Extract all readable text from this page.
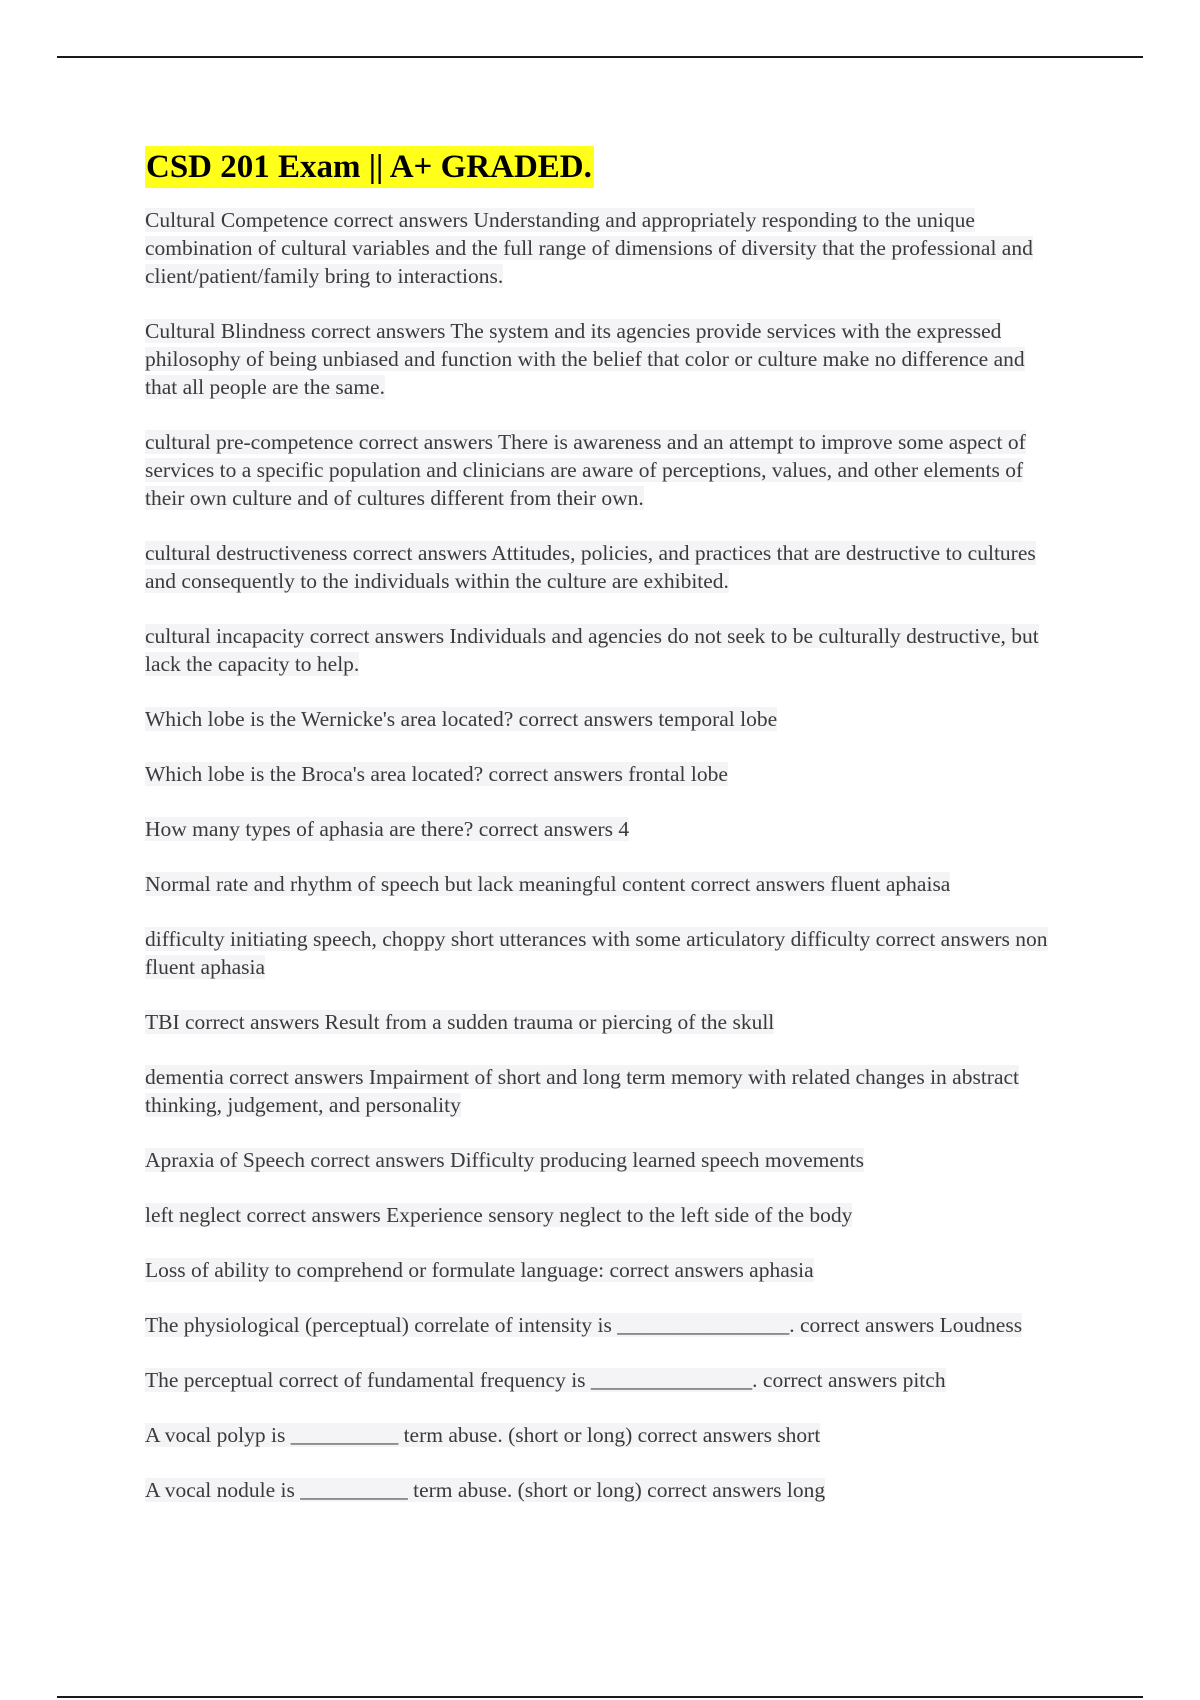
CSD 201 Exam || A+ GRADED.

Cultural Competence correct answers Understanding and appropriately responding to the unique combination of cultural variables and the full range of dimensions of diversity that the professional and client/patient/family bring to interactions.

Cultural Blindness correct answers The system and its agencies provide services with the expressed philosophy of being unbiased and function with the belief that color or culture make no difference and that all people are the same.

cultural pre-competence correct answers There is awareness and an attempt to improve some aspect of services to a specific population and clinicians are aware of perceptions, values, and other elements of their own culture and of cultures different from their own.

cultural destructiveness correct answers Attitudes, policies, and practices that are destructive to cultures and consequently to the individuals within the culture are exhibited.

cultural incapacity correct answers Individuals and agencies do not seek to be culturally destructive, but lack the capacity to help.

Which lobe is the Wernicke's area located? correct answers temporal lobe

Which lobe is the Broca's area located? correct answers frontal lobe

How many types of aphasia are there? correct answers 4

Normal rate and rhythm of speech but lack meaningful content correct answers fluent aphaisa

difficulty initiating speech, choppy short utterances with some articulatory difficulty correct answers non fluent aphasia

TBI correct answers Result from a sudden trauma or piercing of the skull

dementia correct answers Impairment of short and long term memory with related changes in abstract thinking, judgement, and personality

Apraxia of Speech correct answers Difficulty producing learned speech movements

left neglect correct answers Experience sensory neglect to the left side of the body

Loss of ability to comprehend or formulate language: correct answers aphasia

The physiological (perceptual) correlate of intensity is ________________. correct answers Loudness

The perceptual correct of fundamental frequency is _______________. correct answers pitch

A vocal polyp is __________ term abuse. (short or long) correct answers short

A vocal nodule is __________ term abuse. (short or long) correct answers long
